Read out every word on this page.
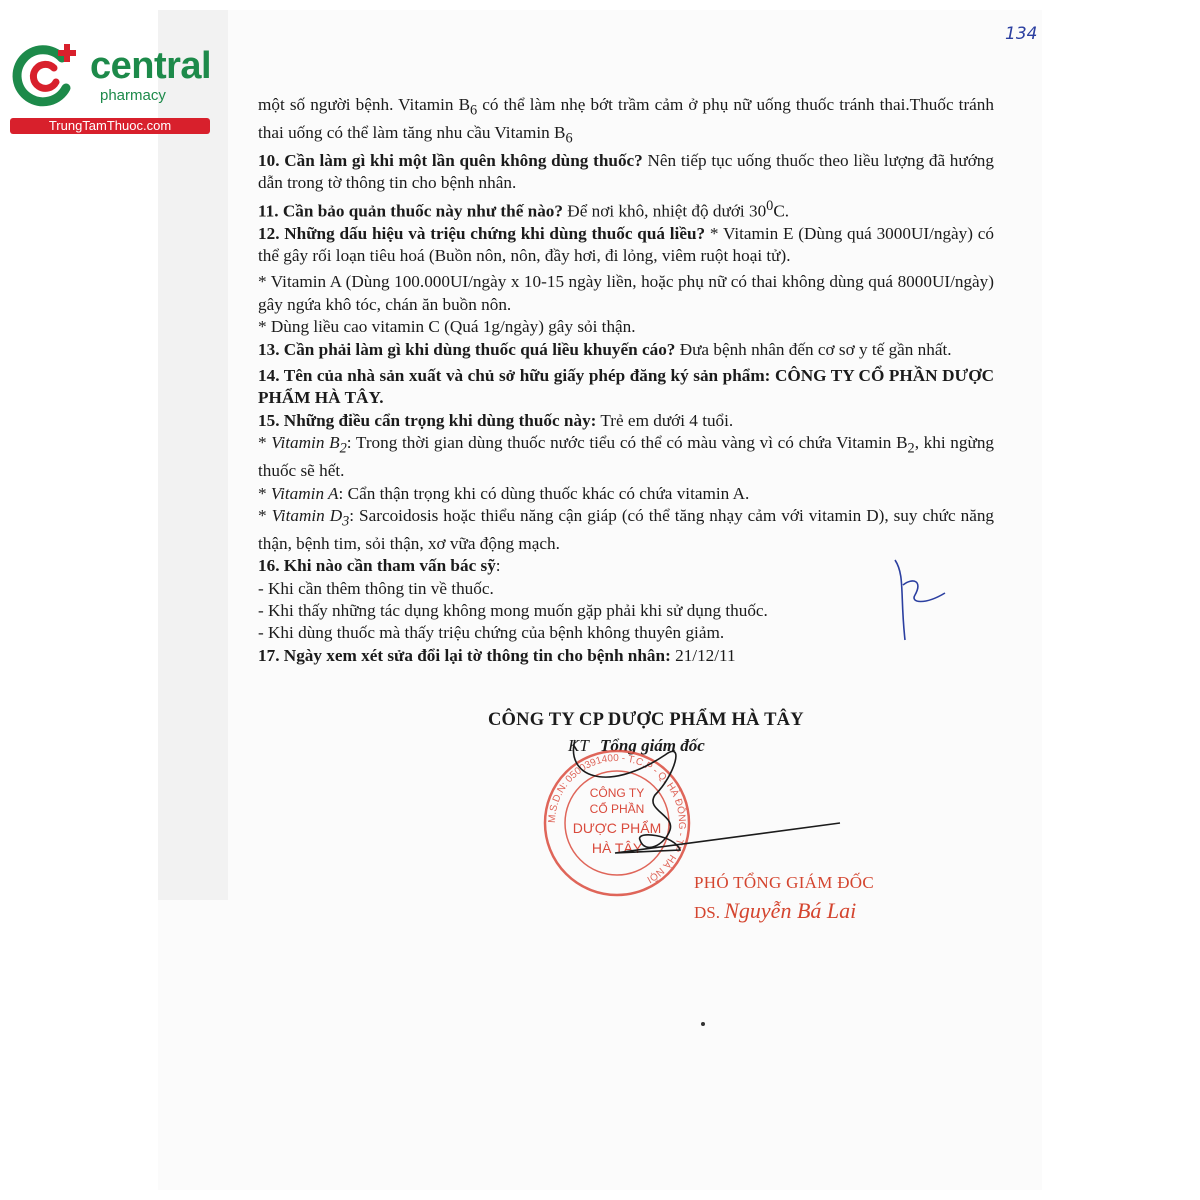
central
pharmacy
TrungTamThuoc.com
134

một số người bệnh. Vitamin $B_6$ có thể làm nhẹ bớt trầm cảm ở phụ nữ uống thuốc tránh thai.Thuốc tránh thai uống có thể làm tăng nhu cầu Vitamin $B_6$

10. Cần làm gì khi một lần quên không dùng thuốc? Nên tiếp tục uống thuốc theo liều lượng đã hướng dẫn trong tờ thông tin cho bệnh nhân.

11. Cần bảo quản thuốc này như thế nào? Để nơi khô, nhiệt độ dưới $30^0C$.

12. Những dấu hiệu và triệu chứng khi dùng thuốc quá liều? * Vitamin E (Dùng quá 3000UI/ngày) có thể gây rối loạn tiêu hoá (Buồn nôn, nôn, đầy hơi, đi lỏng, viêm ruột hoại tử).

* Vitamin A (Dùng 100.000UI/ngày x 10-15 ngày liền, hoặc phụ nữ có thai không dùng quá 8000UI/ngày) gây ngứa khô tóc, chán ăn buồn nôn.

* Dùng liều cao vitamin C (Quá 1g/ngày) gây sỏi thận.

13. Cần phải làm gì khi dùng thuốc quá liều khuyến cáo? Đưa bệnh nhân đến cơ sơ y tế gần nhất.

14. Tên của nhà sản xuất và chủ sở hữu giấy phép đăng ký sản phẩm: CÔNG TY CỔ PHẦN DƯỢC PHẨM HÀ TÂY.

15. Những điều cẩn trọng khi dùng thuốc này: Trẻ em dưới 4 tuổi.

* Vitamin $B_2$: Trong thời gian dùng thuốc nước tiểu có thể có màu vàng vì có chứa Vitamin $B_2$, khi ngừng thuốc sẽ hết.

* Vitamin A: Cẩn thận trọng khi có dùng thuốc khác có chứa vitamin A.

* Vitamin $D_3$: Sarcoidosis hoặc thiểu năng cận giáp (có thể tăng nhạy cảm với vitamin D), suy chức năng thận, bệnh tim, sỏi thận, xơ vữa động mạch.

16. Khi nào cần tham vấn bác sỹ:

- Khi cần thêm thông tin về thuốc.

- Khi thấy những tác dụng không mong muốn gặp phải khi sử dụng thuốc.

- Khi dùng thuốc mà thấy triệu chứng của bệnh không thuyên giảm.

17. Ngày xem xét sửa đổi lại tờ thông tin cho bệnh nhân: 21/12/11

CÔNG TY CP DƯỢC PHẨM HÀ TÂY
KT Tổng giám đốc
M.S.D.N: 0500391400 - T.C.P - Q. HÀ ĐÔNG - TP. HÀ NỘI
CÔNG TY
CỔ PHẦN
DƯỢC PHẨM
HÀ TÂY
PHÓ TỔNG GIÁM ĐỐC
DS. Nguyễn Bá Lai
